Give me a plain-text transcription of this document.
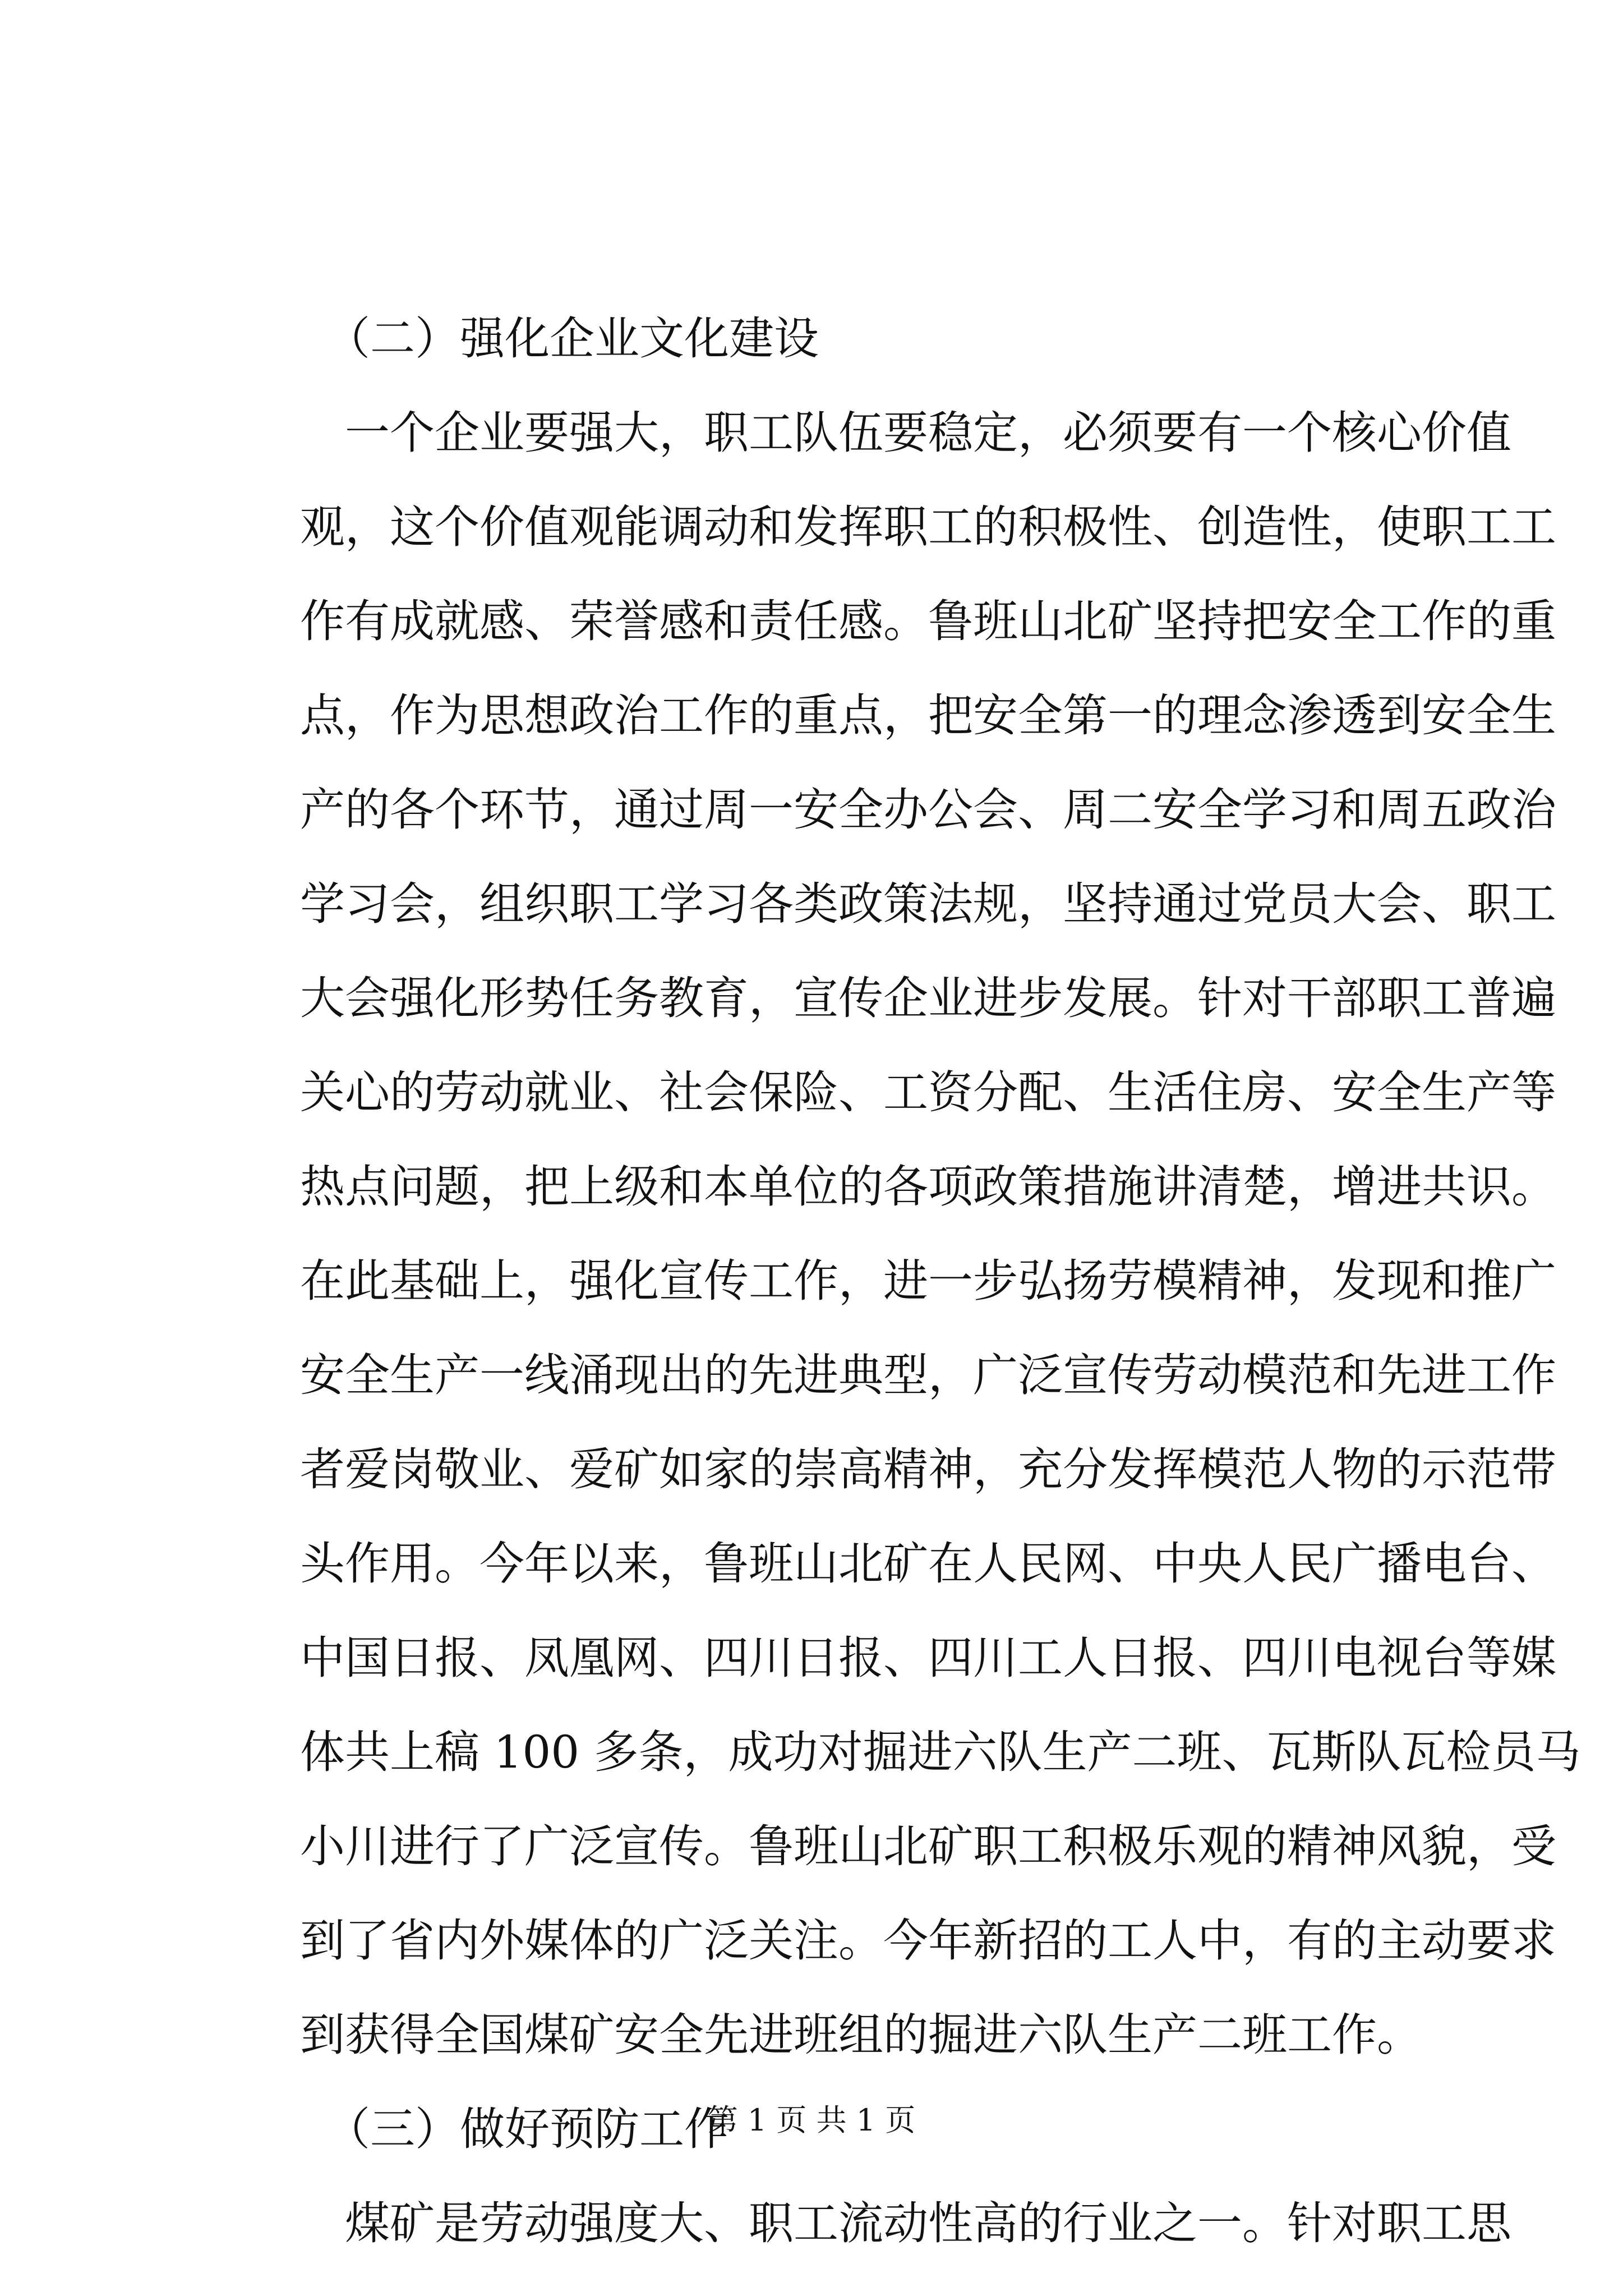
（二）强化企业文化建设
　一个企业要强大，职工队伍要稳定，必须要有一个核心价值
观，这个价值观能调动和发挥职工的积极性、创造性，使职工工
作有成就感、荣誉感和责任感。鲁班山北矿坚持把安全工作的重
点，作为思想政治工作的重点，把安全第一的理念渗透到安全生
产的各个环节，通过周一安全办公会、周二安全学习和周五政治
学习会，组织职工学习各类政策法规，坚持通过党员大会、职工
大会强化形势任务教育，宣传企业进步发展。针对干部职工普遍
关心的劳动就业、社会保险、工资分配、生活住房、安全生产等
热点问题，把上级和本单位的各项政策措施讲清楚，增进共识。
在此基础上，强化宣传工作，进一步弘扬劳模精神，发现和推广
安全生产一线涌现出的先进典型，广泛宣传劳动模范和先进工作
者爱岗敬业、爱矿如家的崇高精神，充分发挥模范人物的示范带
头作用。今年以来，鲁班山北矿在人民网、中央人民广播电台、
中国日报、凤凰网、四川日报、四川工人日报、四川电视台等媒
体共上稿 100 多条，成功对掘进六队生产二班、瓦斯队瓦检员马
小川进行了广泛宣传。鲁班山北矿职工积极乐观的精神风貌，受
到了省内外媒体的广泛关注。今年新招的工人中，有的主动要求
到获得全国煤矿安全先进班组的掘进六队生产二班工作。
（三）做好预防工作
　煤矿是劳动强度大、职工流动性高的行业之一。针对职工思
第 1 页 共 1 页
